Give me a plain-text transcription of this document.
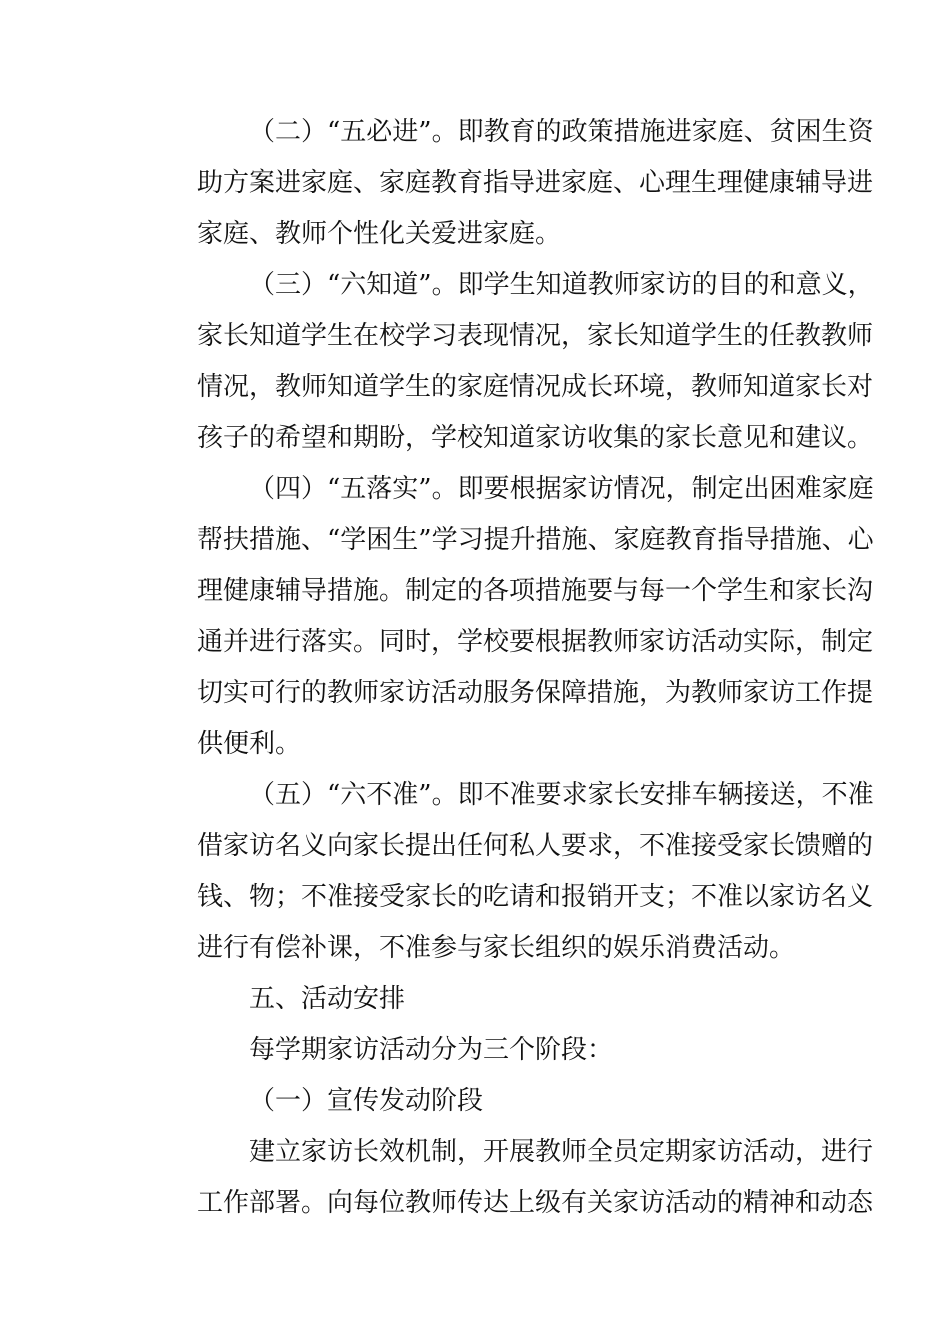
（二）“五必进”。即教育的政策措施进家庭、贫困生资
助方案进家庭、家庭教育指导进家庭、心理生理健康辅导进
家庭、教师个性化关爱进家庭。
（三）“六知道”。即学生知道教师家访的目的和意义，
家长知道学生在校学习表现情况，家长知道学生的任教教师
情况，教师知道学生的家庭情况成长环境，教师知道家长对
孩子的希望和期盼，学校知道家访收集的家长意见和建议。
（四）“五落实”。即要根据家访情况，制定出困难家庭
帮扶措施、“学困生”学习提升措施、家庭教育指导措施、心
理健康辅导措施。制定的各项措施要与每一个学生和家长沟
通并进行落实。同时，学校要根据教师家访活动实际，制定
切实可行的教师家访活动服务保障措施，为教师家访工作提
供便利。
（五）“六不准”。即不准要求家长安排车辆接送，不准
借家访名义向家长提出任何私人要求，不准接受家长馈赠的
钱、物；不准接受家长的吃请和报销开支；不准以家访名义
进行有偿补课，不准参与家长组织的娱乐消费活动。
五、活动安排
每学期家访活动分为三个阶段：
（一）宣传发动阶段
建立家访长效机制，开展教师全员定期家访活动，进行
工作部署。向每位教师传达上级有关家访活动的精神和动态
